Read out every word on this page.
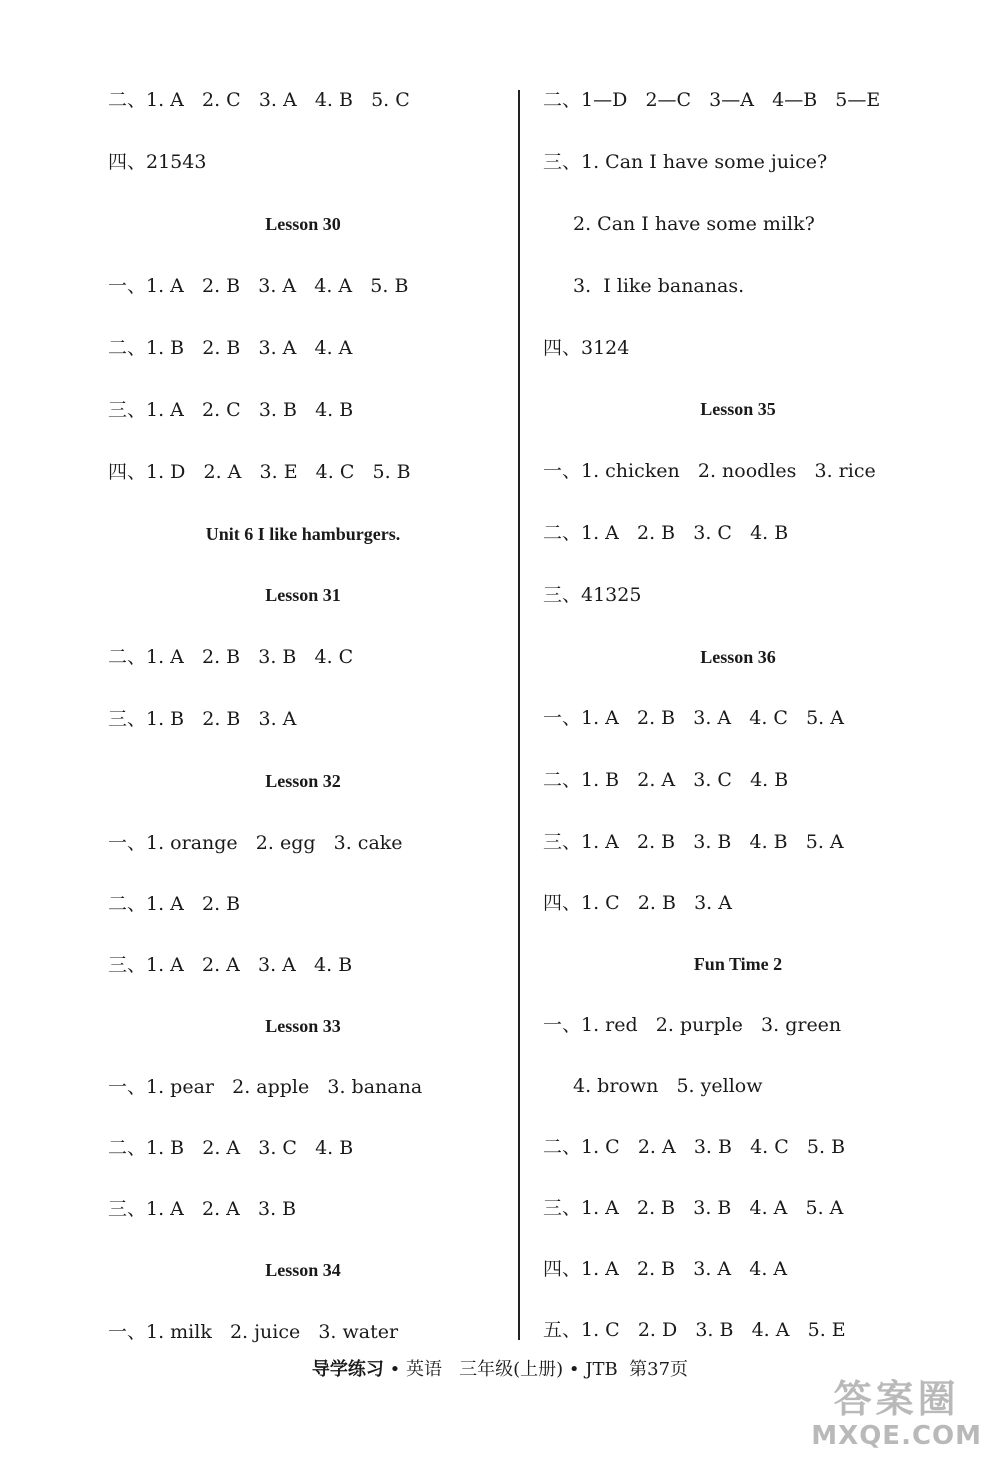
二、1. A   2. C   3. A   4. B   5. C
四、21543
Lesson 30
一、1. A   2. B   3. A   4. A   5. B
二、1. B   2. B   3. A   4. A
三、1. A   2. C   3. B   4. B
四、1. D   2. A   3. E   4. C   5. B
Unit 6 I like hamburgers.
Lesson 31
二、1. A   2. B   3. B   4. C
三、1. B   2. B   3. A
Lesson 32
一、1. orange   2. egg   3. cake
二、1. A   2. B
三、1. A   2. A   3. A   4. B
Lesson 33
一、1. pear   2. apple   3. banana
二、1. B   2. A   3. C   4. B
三、1. A   2. A   3. B
Lesson 34
一、1. milk   2. juice   3. water
二、1—D   2—C   3—A   4—B   5—E
三、1. Can I have some juice?
2. Can I have some milk?
3.  I like bananas.
四、3124
Lesson 35
一、1. chicken   2. noodles   3. rice
二、1. A   2. B   3. C   4. B
三、41325
Lesson 36
一、1. A   2. B   3. A   4. C   5. A
二、1. B   2. A   3. C   4. B
三、1. A   2. B   3. B   4. B   5. A
四、1. C   2. B   3. A
Fun Time 2
一、1. red   2. purple   3. green
4. brown   5. yellow
二、1. C   2. A   3. B   4. C   5. B
三、1. A   2. B   3. B   4. A   5. A
四、1. A   2. B   3. A   4. A
五、1. C   2. D   3. B   4. A   5. E
导学练习 • 英语   三年级(上册) • JTB  第37页
答案圈
MXQE.COM
